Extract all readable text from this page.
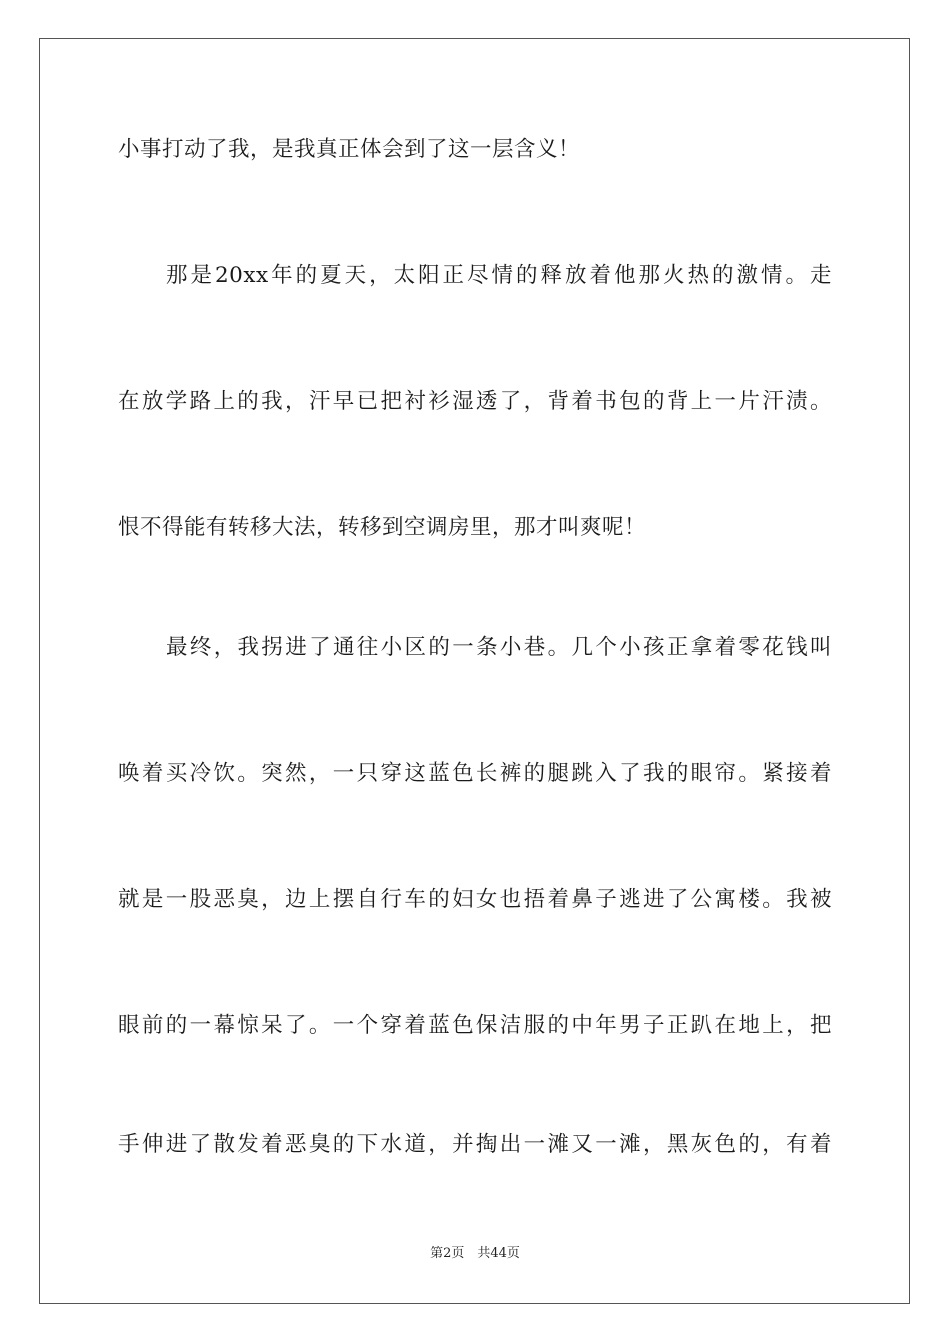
小事打动了我，是我真正体会到了这一层含义！
那是20xx年的夏天，太阳正尽情的释放着他那火热的激情。走
在放学路上的我，汗早已把衬衫湿透了，背着书包的背上一片汗渍。
恨不得能有转移大法，转移到空调房里，那才叫爽呢！
最终，我拐进了通往小区的一条小巷。几个小孩正拿着零花钱叫
唤着买冷饮。突然，一只穿这蓝色长裤的腿跳入了我的眼帘。紧接着
就是一股恶臭，边上摆自行车的妇女也捂着鼻子逃进了公寓楼。我被
眼前的一幕惊呆了。一个穿着蓝色保洁服的中年男子正趴在地上，把
手伸进了散发着恶臭的下水道，并掏出一滩又一滩，黑灰色的，有着
第2页　共44页
